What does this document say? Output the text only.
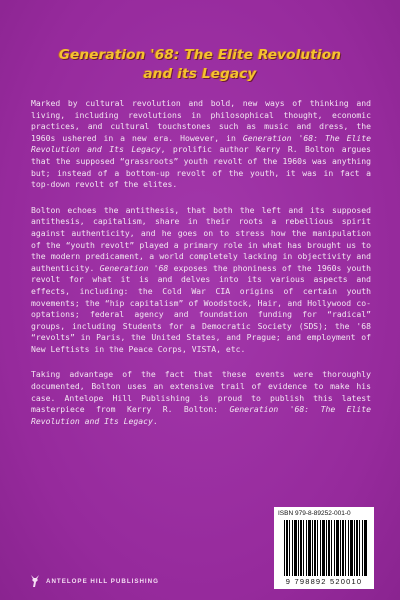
Generation '68: The Elite Revolution
and its Legacy

Marked by cultural revolution and bold, new ways of thinking and living, including revolutions in philosophical thought, economic practices, and cultural touchstones such as music and dress, the 1960s ushered in a new era. However, in Generation '68: The Elite Revolution and Its Legacy, prolific author Kerry R. Bolton argues that the supposed “grassroots” youth revolt of the 1960s was anything but; instead of a bottom-up revolt of the youth, it was in fact a top-down revolt of the elites.

Bolton echoes the antithesis, that both the left and its supposed antithesis, capitalism, share in their roots a rebellious spirit against authenticity, and he goes on to stress how the manipulation of the “youth revolt” played a primary role in what has brought us to the modern predicament, a world completely lacking in objectivity and authenticity. Generation '68 exposes the phoniness of the 1960s youth revolt for what it is and delves into its various aspects and effects, including: the Cold War CIA origins of certain youth movements; the “hip capitalism” of Woodstock, Hair, and Hollywood co-optations; federal agency and foundation funding for “radical” groups, including Students for a Democratic Society (SDS); the '68 “revolts” in Paris, the United States, and Prague; and employment of New Leftists in the Peace Corps, VISTA, etc.

Taking advantage of the fact that these events were thoroughly documented, Bolton uses an extensive trail of evidence to make his case. Antelope Hill Publishing is proud to publish this latest masterpiece from Kerry R. Bolton: Generation '68: The Elite Revolution and Its Legacy.

ISBN 979-8-89252-001-0
9 798892 520010
ANTELOPE HILL PUBLISHING
